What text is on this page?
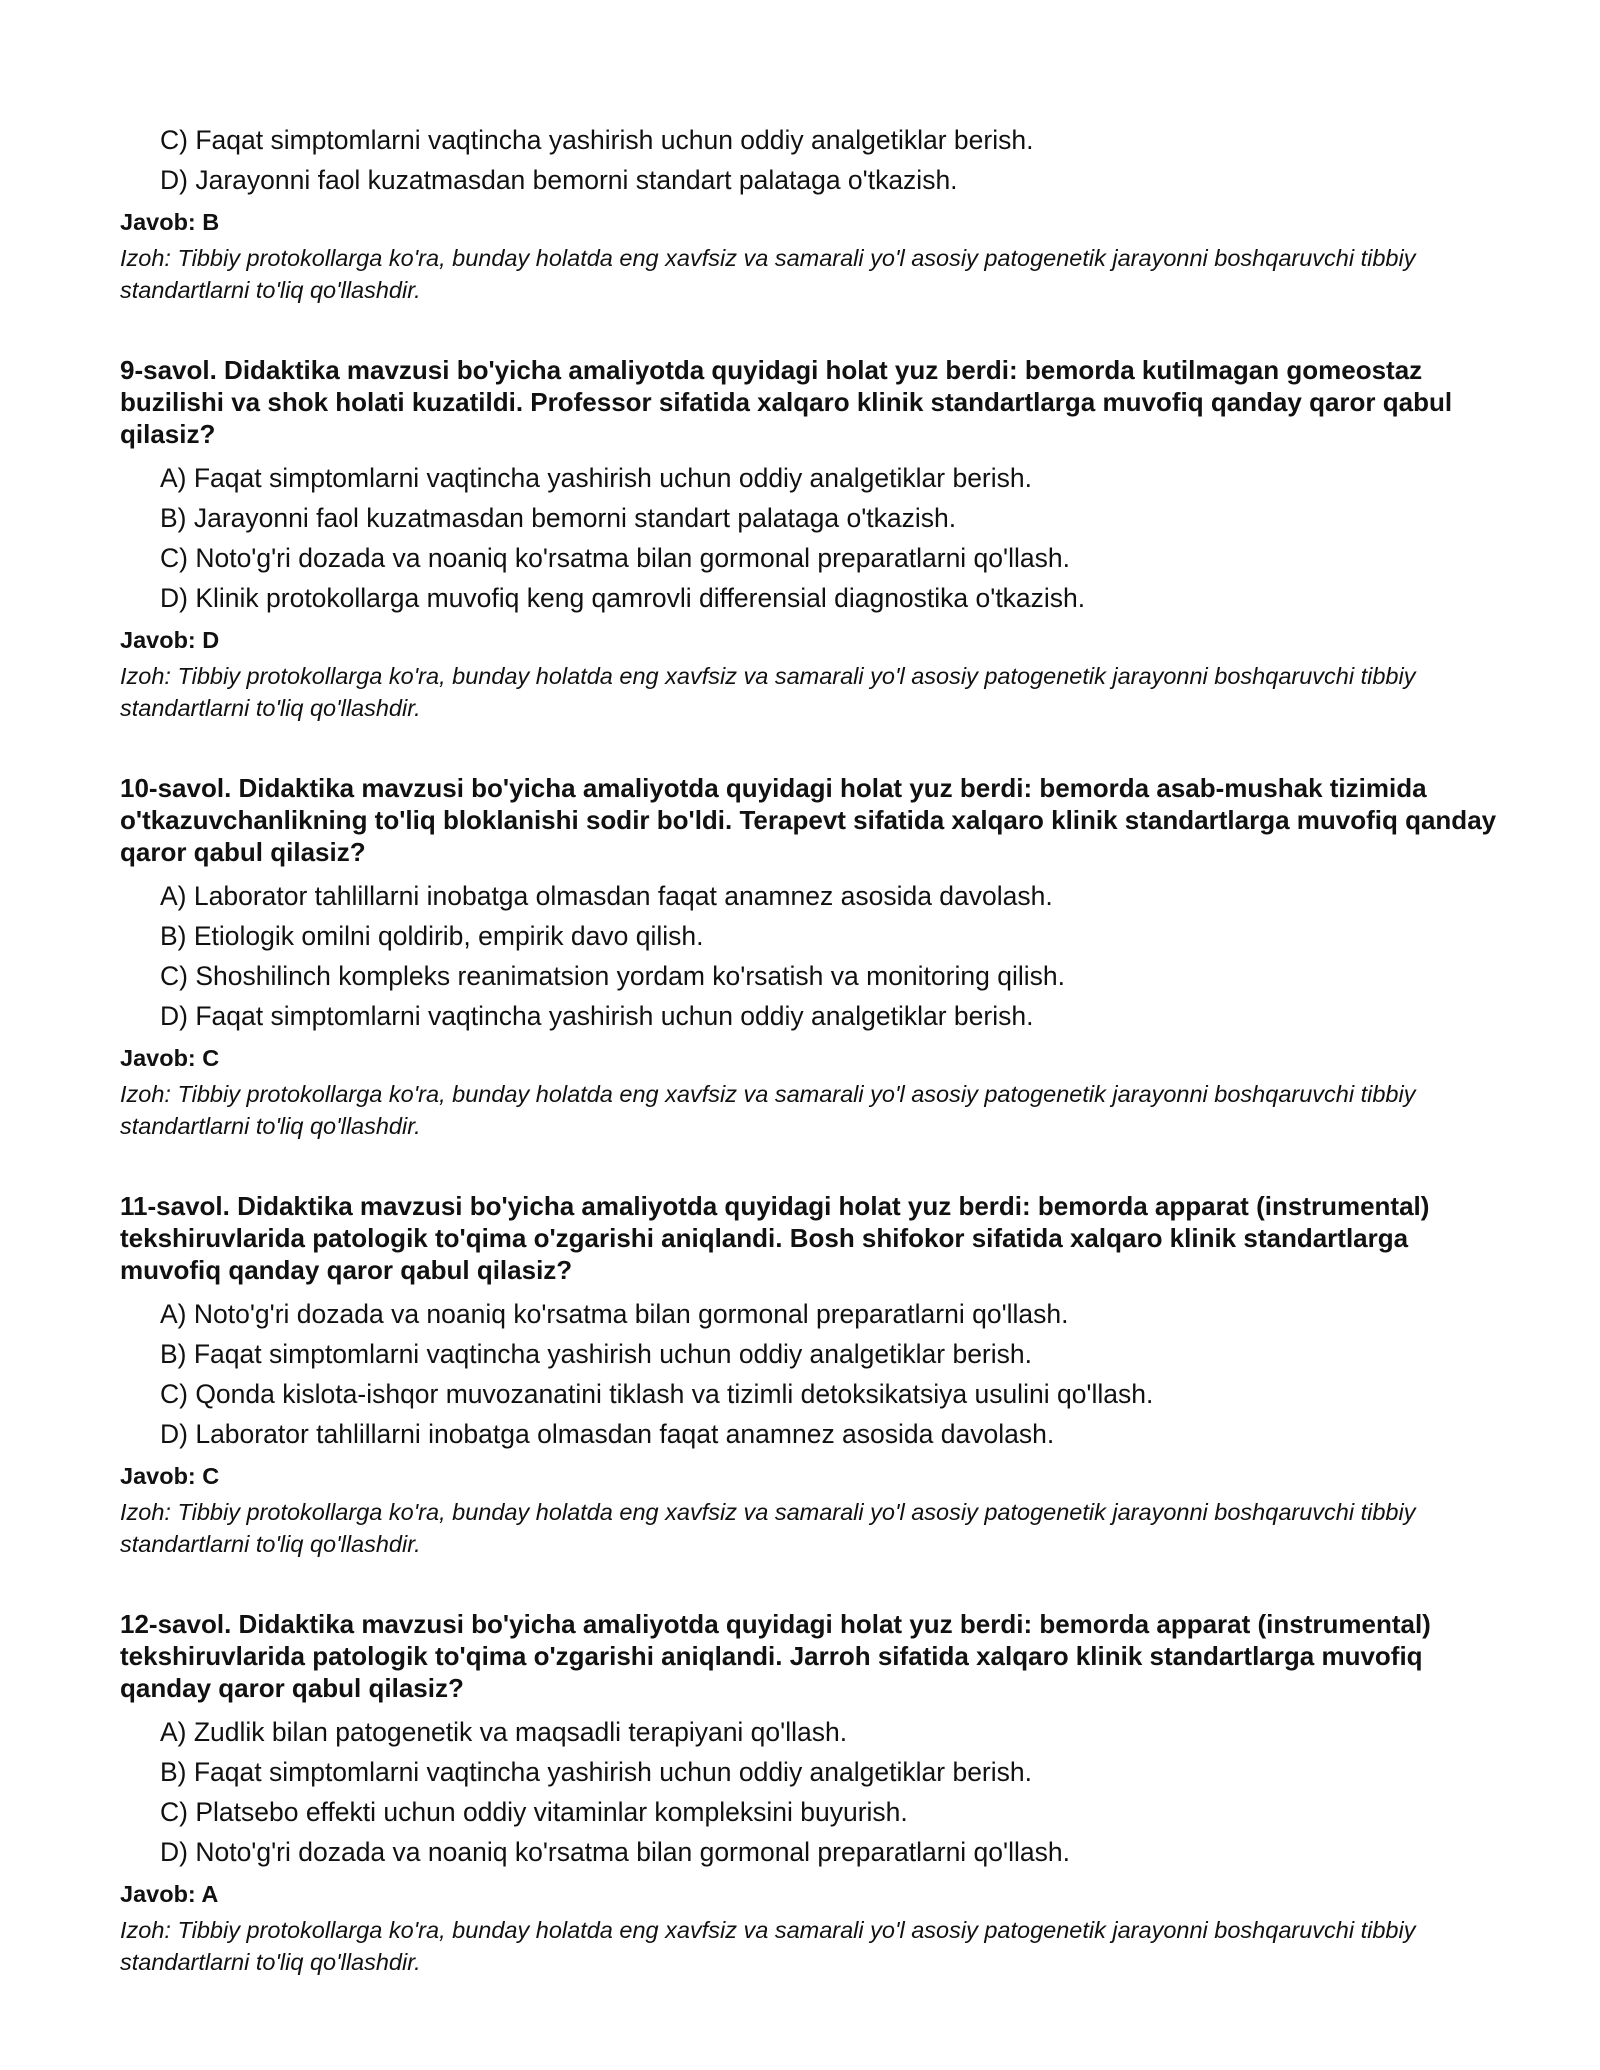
C) Faqat simptomlarni vaqtincha yashirish uchun oddiy analgetiklar berish.
D) Jarayonni faol kuzatmasdan bemorni standart palataga o'tkazish.
Javob: B
Izoh: Tibbiy protokollarga ko'ra, bunday holatda eng xavfsiz va samarali yo'l asosiy patogenetik jarayonni boshqaruvchi tibbiy standartlarni to'liq qo'llashdir.

9-savol. Didaktika mavzusi bo'yicha amaliyotda quyidagi holat yuz berdi: bemorda kutilmagan gomeostaz buzilishi va shok holati kuzatildi. Professor sifatida xalqaro klinik standartlarga muvofiq qanday qaror qabul qilasiz?

A) Faqat simptomlarni vaqtincha yashirish uchun oddiy analgetiklar berish.
B) Jarayonni faol kuzatmasdan bemorni standart palataga o'tkazish.
C) Noto'g'ri dozada va noaniq ko'rsatma bilan gormonal preparatlarni qo'llash.
D) Klinik protokollarga muvofiq keng qamrovli differensial diagnostika o'tkazish.
Javob: D
Izoh: Tibbiy protokollarga ko'ra, bunday holatda eng xavfsiz va samarali yo'l asosiy patogenetik jarayonni boshqaruvchi tibbiy standartlarni to'liq qo'llashdir.

10-savol. Didaktika mavzusi bo'yicha amaliyotda quyidagi holat yuz berdi: bemorda asab-mushak tizimida o'tkazuvchanlikning to'liq bloklanishi sodir bo'ldi. Terapevt sifatida xalqaro klinik standartlarga muvofiq qanday qaror qabul qilasiz?

A) Laborator tahlillarni inobatga olmasdan faqat anamnez asosida davolash.
B) Etiologik omilni qoldirib, empirik davo qilish.
C) Shoshilinch kompleks reanimatsion yordam ko'rsatish va monitoring qilish.
D) Faqat simptomlarni vaqtincha yashirish uchun oddiy analgetiklar berish.
Javob: C
Izoh: Tibbiy protokollarga ko'ra, bunday holatda eng xavfsiz va samarali yo'l asosiy patogenetik jarayonni boshqaruvchi tibbiy standartlarni to'liq qo'llashdir.

11-savol. Didaktika mavzusi bo'yicha amaliyotda quyidagi holat yuz berdi: bemorda apparat (instrumental) tekshiruvlarida patologik to'qima o'zgarishi aniqlandi. Bosh shifokor sifatida xalqaro klinik standartlarga muvofiq qanday qaror qabul qilasiz?

A) Noto'g'ri dozada va noaniq ko'rsatma bilan gormonal preparatlarni qo'llash.
B) Faqat simptomlarni vaqtincha yashirish uchun oddiy analgetiklar berish.
C) Qonda kislota-ishqor muvozanatini tiklash va tizimli detoksikatsiya usulini qo'llash.
D) Laborator tahlillarni inobatga olmasdan faqat anamnez asosida davolash.
Javob: C
Izoh: Tibbiy protokollarga ko'ra, bunday holatda eng xavfsiz va samarali yo'l asosiy patogenetik jarayonni boshqaruvchi tibbiy standartlarni to'liq qo'llashdir.

12-savol. Didaktika mavzusi bo'yicha amaliyotda quyidagi holat yuz berdi: bemorda apparat (instrumental) tekshiruvlarida patologik to'qima o'zgarishi aniqlandi. Jarroh sifatida xalqaro klinik standartlarga muvofiq qanday qaror qabul qilasiz?

A) Zudlik bilan patogenetik va maqsadli terapiyani qo'llash.
B) Faqat simptomlarni vaqtincha yashirish uchun oddiy analgetiklar berish.
C) Platsebo effekti uchun oddiy vitaminlar kompleksini buyurish.
D) Noto'g'ri dozada va noaniq ko'rsatma bilan gormonal preparatlarni qo'llash.
Javob: A
Izoh: Tibbiy protokollarga ko'ra, bunday holatda eng xavfsiz va samarali yo'l asosiy patogenetik jarayonni boshqaruvchi tibbiy standartlarni to'liq qo'llashdir.
